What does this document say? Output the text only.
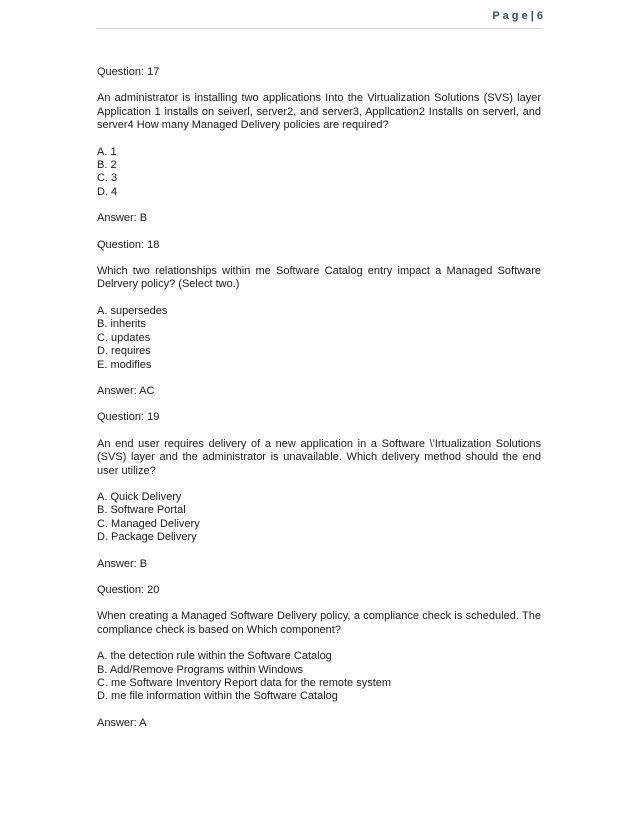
P a g e | 6

Question: 17

An administrator is installing two applications Into the Virtualization Solutions (SVS) layer Application 1 installs on seiverl, server2, and server3, Appllcation2 Installs on serverl, and server4 How many Managed Delivery policies are required?

A. 1
B. 2
C. 3
D. 4

Answer: B

Question: 18

Which two relationships within me Software Catalog entry impact a Managed Software Delrvery policy? (Select two.)

A. supersedes
B. inherits
C. updates
D. requires
E. modifies

Answer: AC

Question: 19

An end user requires delivery of a new application in a Software \'Irtualization Solutions (SVS) layer and the administrator is unavailable. Which delivery method should the end user utilize?

A. Quick Delivery
B. Software Portal
C. Managed Delivery
D. Package Delivery

Answer: B

Question: 20

When creating a Managed Software Delivery policy, a compliance check is scheduled. The compliance check is based on Which component?

A. the detection rule within the Software Catalog
B. Add/Remove Programs within Windows
C. me Software Inventory Report data for the remote system
D. me file information within the Software Catalog

Answer: A
